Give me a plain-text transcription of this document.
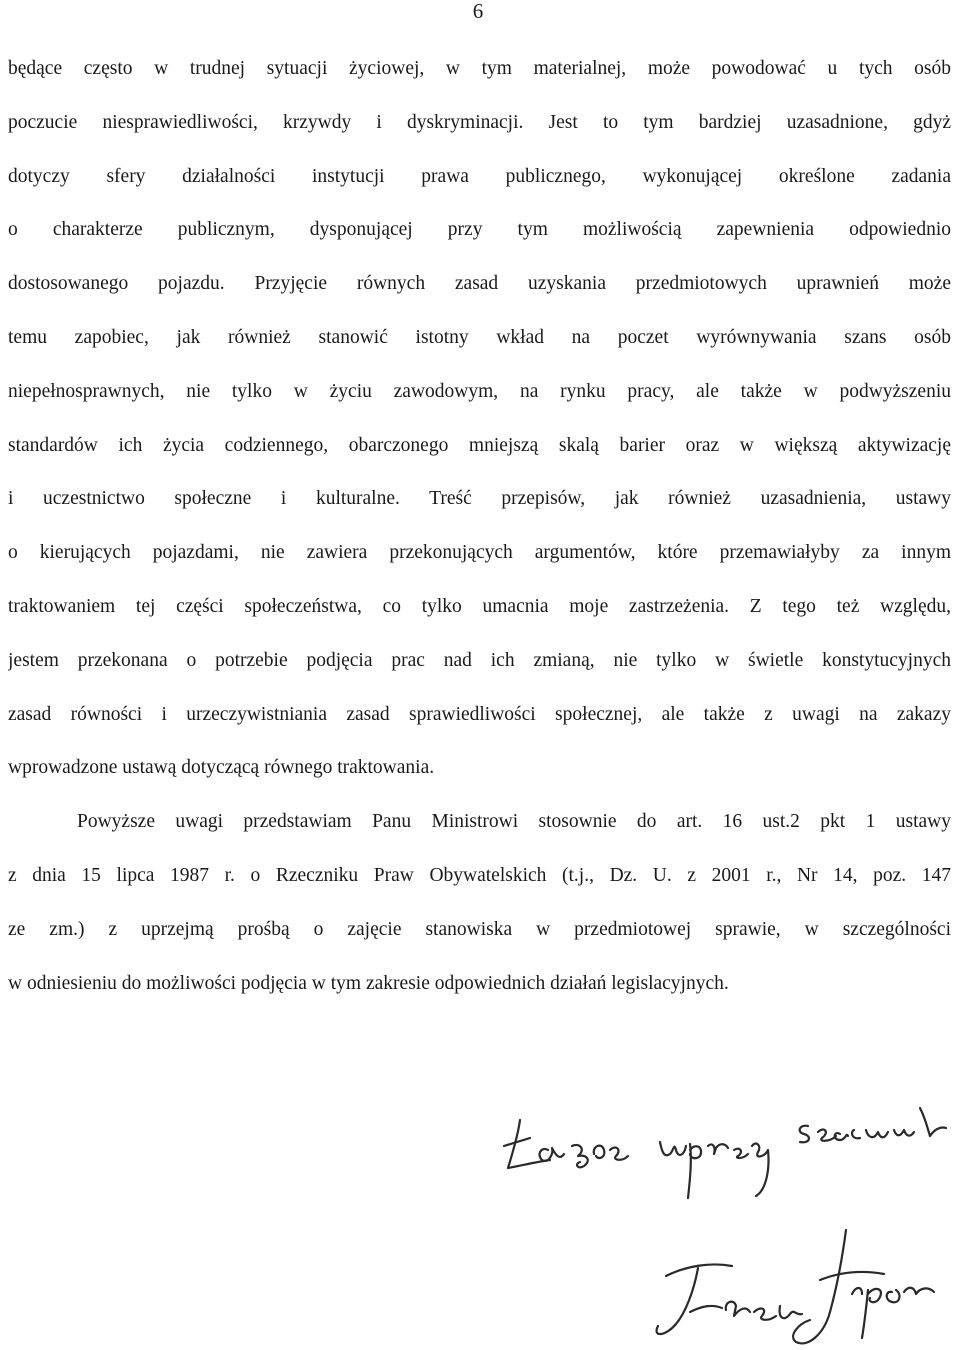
6
będące często w trudnej sytuacji życiowej, w tym materialnej, może powodować u tych osób
poczucie niesprawiedliwości, krzywdy i dyskryminacji. Jest to tym bardziej uzasadnione, gdyż
dotyczy sfery działalności instytucji prawa publicznego, wykonującej określone zadania
o charakterze publicznym, dysponującej przy tym możliwością zapewnienia odpowiednio
dostosowanego pojazdu. Przyjęcie równych zasad uzyskania przedmiotowych uprawnień może
temu zapobiec, jak również stanowić istotny wkład na poczet wyrównywania szans osób
niepełnosprawnych, nie tylko w życiu zawodowym, na rynku pracy, ale także w podwyższeniu
standardów ich życia codziennego, obarczonego mniejszą skalą barier oraz w większą aktywizację
i uczestnictwo społeczne i kulturalne. Treść przepisów, jak również uzasadnienia, ustawy
o kierujących pojazdami, nie zawiera przekonujących argumentów, które przemawiałyby za innym
traktowaniem tej części społeczeństwa, co tylko umacnia moje zastrzeżenia. Z tego też względu,
jestem przekonana o potrzebie podjęcia prac nad ich zmianą, nie tylko w świetle konstytucyjnych
zasad równości i urzeczywistniania zasad sprawiedliwości społecznej, ale także z uwagi na zakazy
wprowadzone ustawą dotyczącą równego traktowania.
Powyższe uwagi przedstawiam Panu Ministrowi stosownie do art. 16 ust.2 pkt 1 ustawy
z dnia 15 lipca 1987 r. o Rzeczniku Praw Obywatelskich (t.j., Dz. U. z 2001 r., Nr 14, poz. 147
ze zm.) z uprzejmą prośbą o zajęcie stanowiska w przedmiotowej sprawie, w szczególności
w odniesieniu do możliwości podjęcia w tym zakresie odpowiednich działań legislacyjnych.
